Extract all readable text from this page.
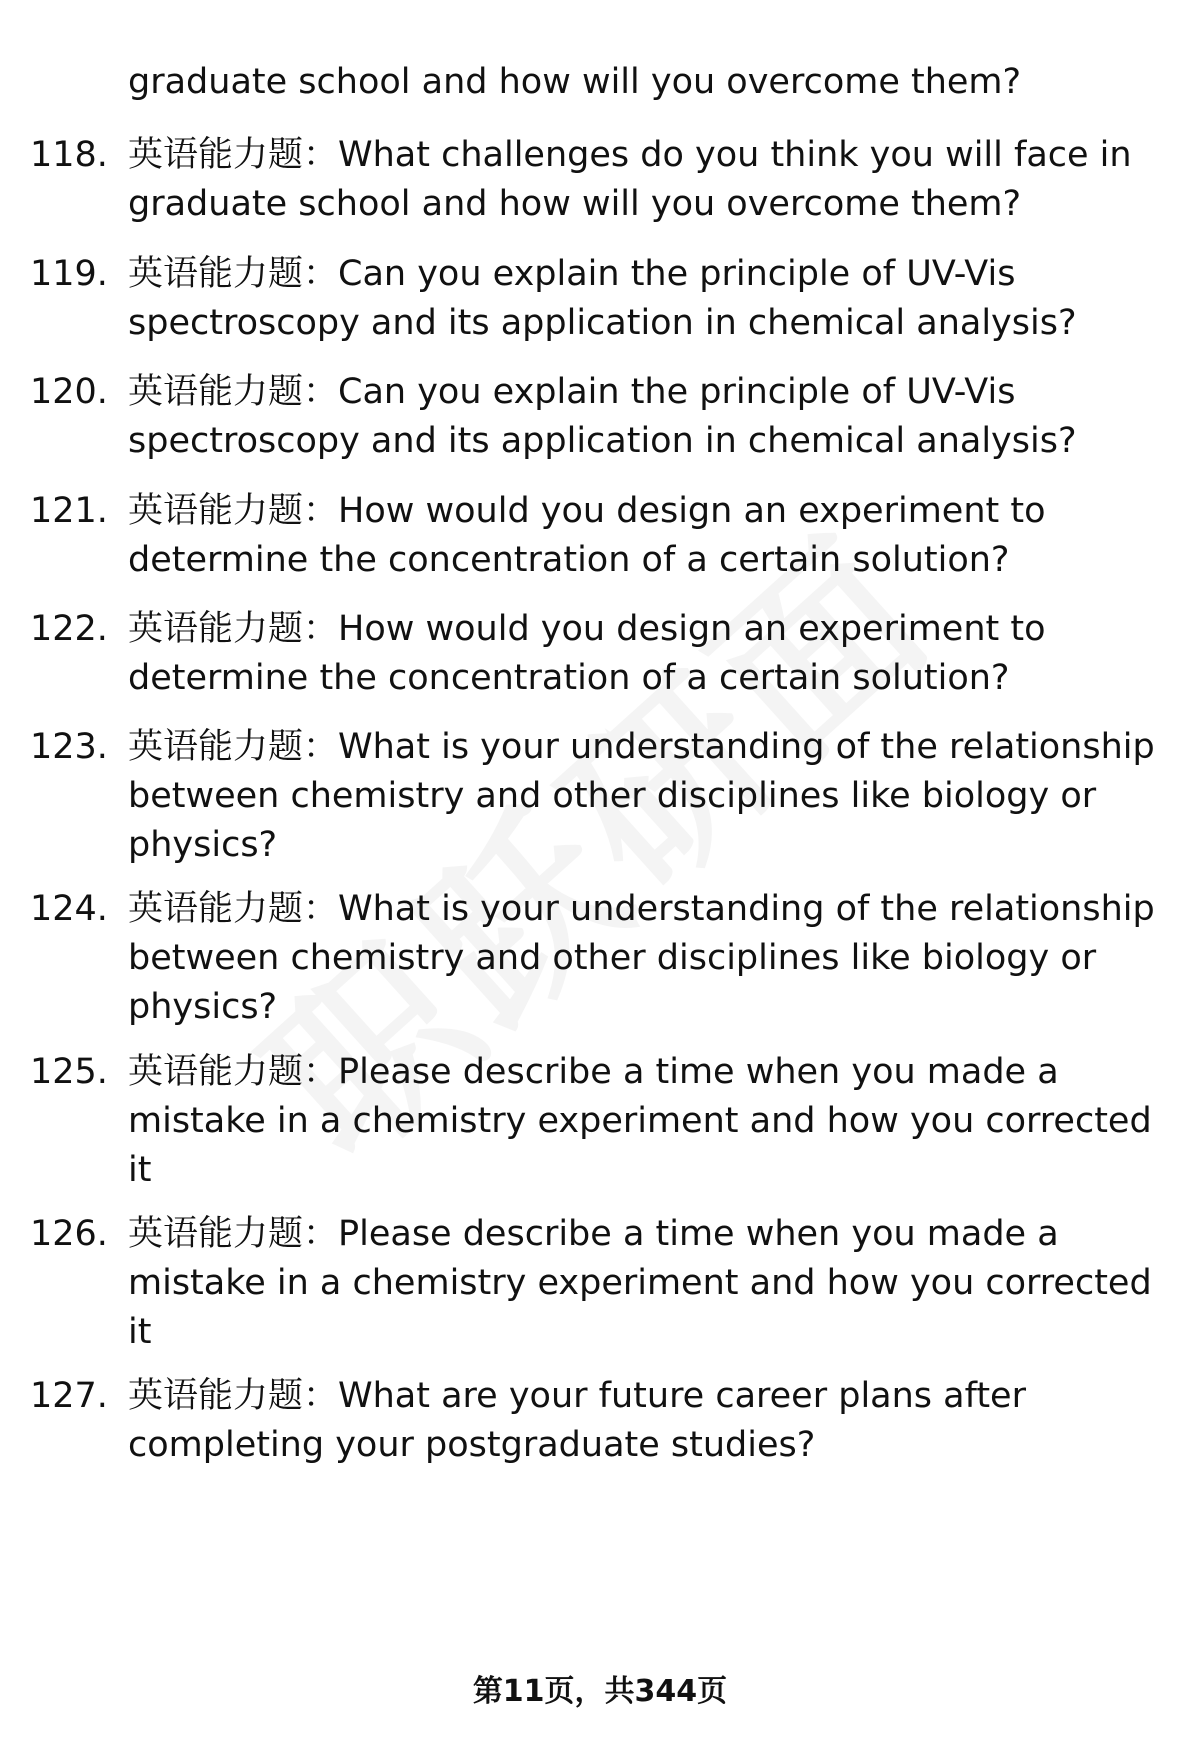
graduate school and how will you overcome them?
118. 英语能力题：What challenges do you think you will face in graduate school and how will you overcome them?
119. 英语能力题：Can you explain the principle of UV-Vis spectroscopy and its application in chemical analysis?
120. 英语能力题：Can you explain the principle of UV-Vis spectroscopy and its application in chemical analysis?
121. 英语能力题：How would you design an experiment to determine the concentration of a certain solution?
122. 英语能力题：How would you design an experiment to determine the concentration of a certain solution?
123. 英语能力题：What is your understanding of the relationship between chemistry and other disciplines like biology or physics?
124. 英语能力题：What is your understanding of the relationship between chemistry and other disciplines like biology or physics?
125. 英语能力题：Please describe a time when you made a mistake in a chemistry experiment and how you corrected it
126. 英语能力题：Please describe a time when you made a mistake in a chemistry experiment and how you corrected it
127. 英语能力题：What are your future career plans after completing your postgraduate studies?
第11页，共344页
